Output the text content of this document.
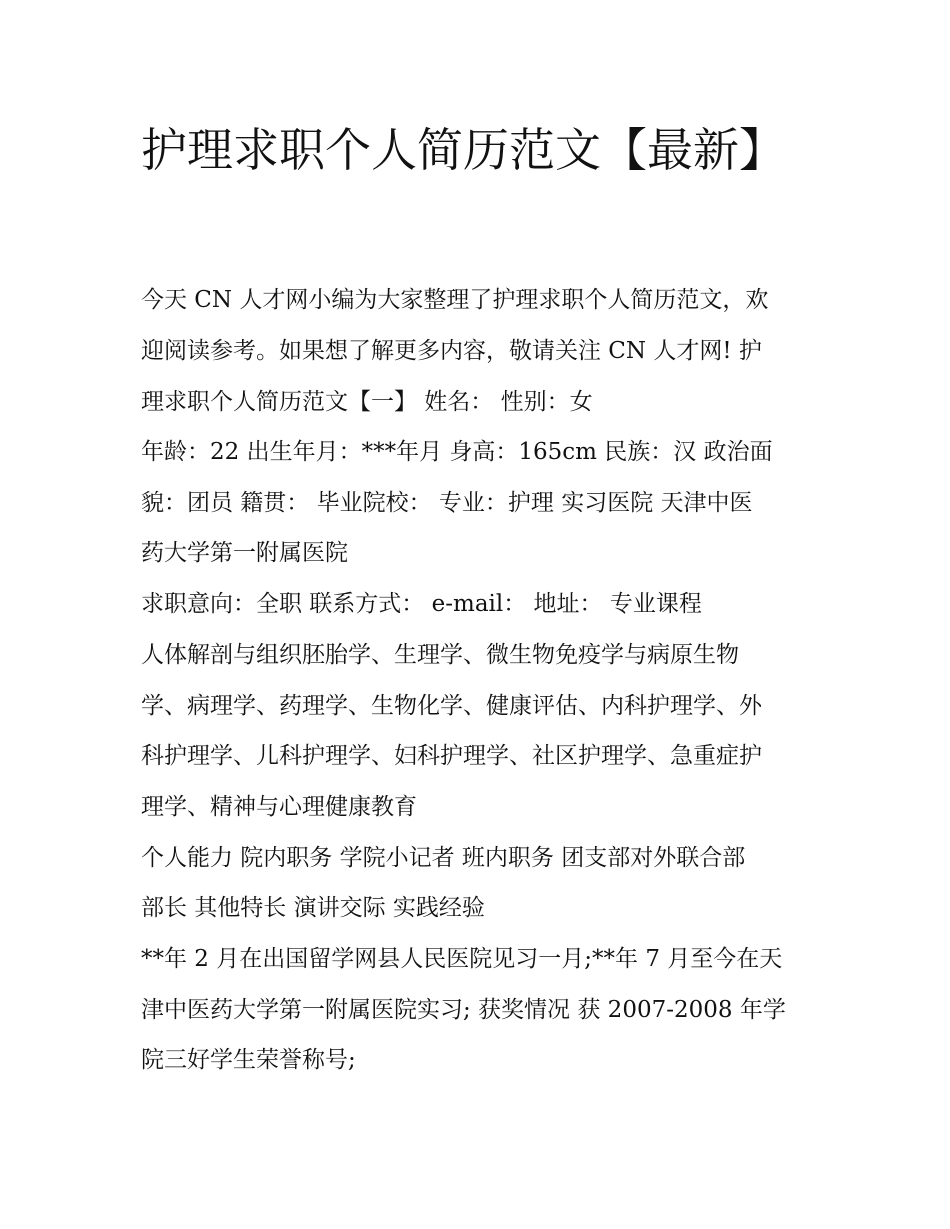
护理求职个人简历范文【最新】

今天 CN 人才网小编为大家整理了护理求职个人简历范文，欢

迎阅读参考。如果想了解更多内容，敬请关注 CN 人才网! 护

理求职个人简历范文【一】 姓名： 性别：女

年龄：22 出生年月：***年月 身高：165cm 民族：汉 政治面

貌：团员 籍贯： 毕业院校： 专业：护理 实习医院 天津中医

药大学第一附属医院

求职意向：全职 联系方式： e-mail： 地址： 专业课程

人体解剖与组织胚胎学、生理学、微生物免疫学与病原生物

学、病理学、药理学、生物化学、健康评估、内科护理学、外

科护理学、儿科护理学、妇科护理学、社区护理学、急重症护

理学、精神与心理健康教育

个人能力 院内职务 学院小记者 班内职务 团支部对外联合部

部长 其他特长 演讲交际 实践经验

**年 2 月在出国留学网县人民医院见习一月;**年 7 月至今在天

津中医药大学第一附属医院实习; 获奖情况 获 2007-2008 年学

院三好学生荣誉称号;
